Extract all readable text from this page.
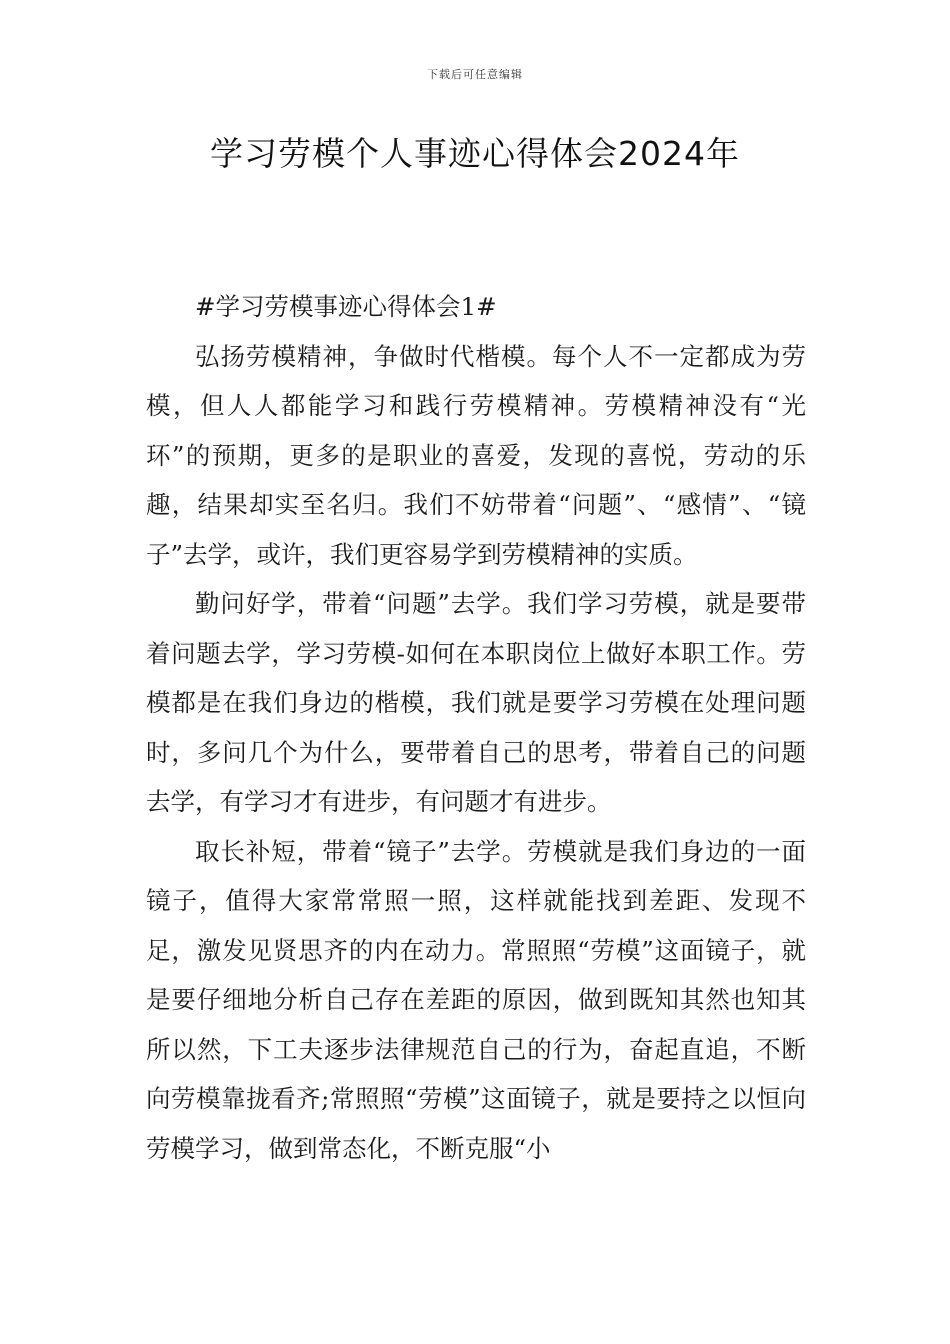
下载后可任意编辑
学习劳模个人事迹心得体会2024年

#学习劳模事迹心得体会1#

弘扬劳模精神，争做时代楷模。每个人不一定都成为劳模，但人人都能学习和践行劳模精神。劳模精神没有“光环”的预期，更多的是职业的喜爱，发现的喜悦，劳动的乐趣，结果却实至名归。我们不妨带着“问题”、“感情”、“镜子”去学，或许，我们更容易学到劳模精神的实质。

勤问好学，带着“问题”去学。我们学习劳模，就是要带着问题去学，学习劳模-如何在本职岗位上做好本职工作。劳模都是在我们身边的楷模，我们就是要学习劳模在处理问题时，多问几个为什么，要带着自己的思考，带着自己的问题去学，有学习才有进步，有问题才有进步。

取长补短，带着“镜子”去学。劳模就是我们身边的一面镜子，值得大家常常照一照，这样就能找到差距、发现不足，激发见贤思齐的内在动力。常照照“劳模”这面镜子，就是要仔细地分析自己存在差距的原因，做到既知其然也知其所以然，下工夫逐步法律规范自己的行为，奋起直追，不断向劳模靠拢看齐;常照照“劳模”这面镜子，就是要持之以恒向劳模学习，做到常态化，不断克服“小
